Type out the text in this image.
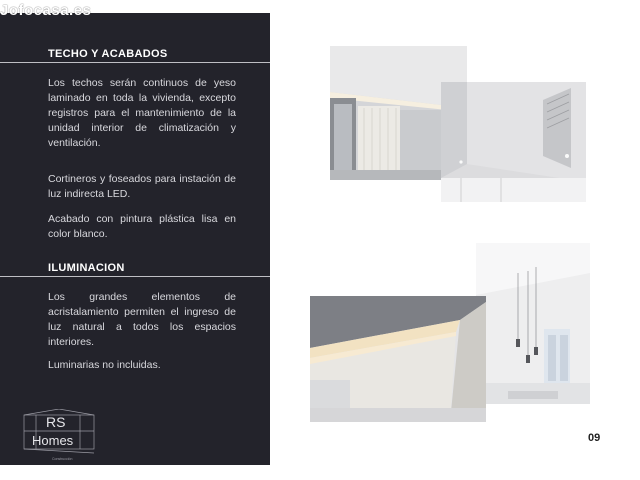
Jofocasa.es
TECHO Y ACABADOS
Los techos serán continuos de yeso laminado en toda la vivienda, excepto registros para el mantenimiento de la unidad interior de climatización y ventilación.
Cortineros y foseados para instación de luz indirecta LED.
Acabado con pintura plástica lisa en color blanco.
ILUMINACION
Los grandes elementos de acristalamiento permiten el ingreso de luz natural a todos los espacios interiores.
Luminarias no incluidas.
RS
Homes
Construcción
09
